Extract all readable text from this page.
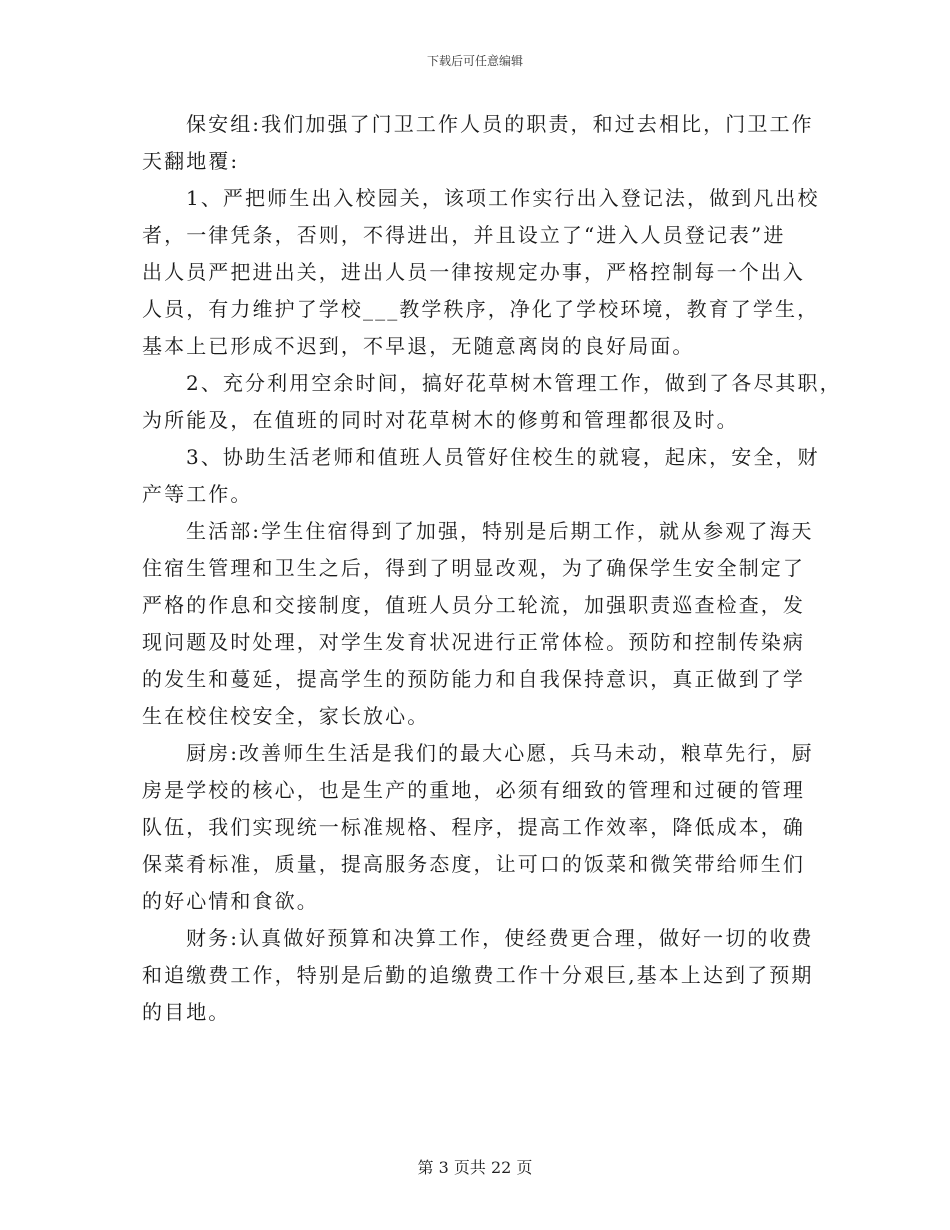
下载后可任意编辑
保安组:我们加强了门卫工作人员的职责，和过去相比，门卫工作
天翻地覆:
1、严把师生出入校园关，该项工作实行出入登记法，做到凡出校
者，一律凭条，否则，不得进出，并且设立了“进入人员登记表”进
出人员严把进出关，进出人员一律按规定办事，严格控制每一个出入
人员，有力维护了学校___教学秩序，净化了学校环境，教育了学生，
基本上已形成不迟到，不早退，无随意离岗的良好局面。
2、充分利用空余时间，搞好花草树木管理工作，做到了各尽其职，
为所能及，在值班的同时对花草树木的修剪和管理都很及时。
3、协助生活老师和值班人员管好住校生的就寝，起床，安全，财
产等工作。
生活部:学生住宿得到了加强，特别是后期工作，就从参观了海天
住宿生管理和卫生之后，得到了明显改观，为了确保学生安全制定了
严格的作息和交接制度，值班人员分工轮流，加强职责巡查检查，发
现问题及时处理，对学生发育状况进行正常体检。预防和控制传染病
的发生和蔓延，提高学生的预防能力和自我保持意识，真正做到了学
生在校住校安全，家长放心。
厨房:改善师生生活是我们的最大心愿，兵马未动，粮草先行，厨
房是学校的核心，也是生产的重地，必须有细致的管理和过硬的管理
队伍，我们实现统一标准规格、程序，提高工作效率，降低成本，确
保菜肴标准，质量，提高服务态度，让可口的饭菜和微笑带给师生们
的好心情和食欲。
财务:认真做好预算和决算工作，使经费更合理，做好一切的收费
和追缴费工作，特别是后勤的追缴费工作十分艰巨,基本上达到了预期
的目地。
第 3 页共 22 页
